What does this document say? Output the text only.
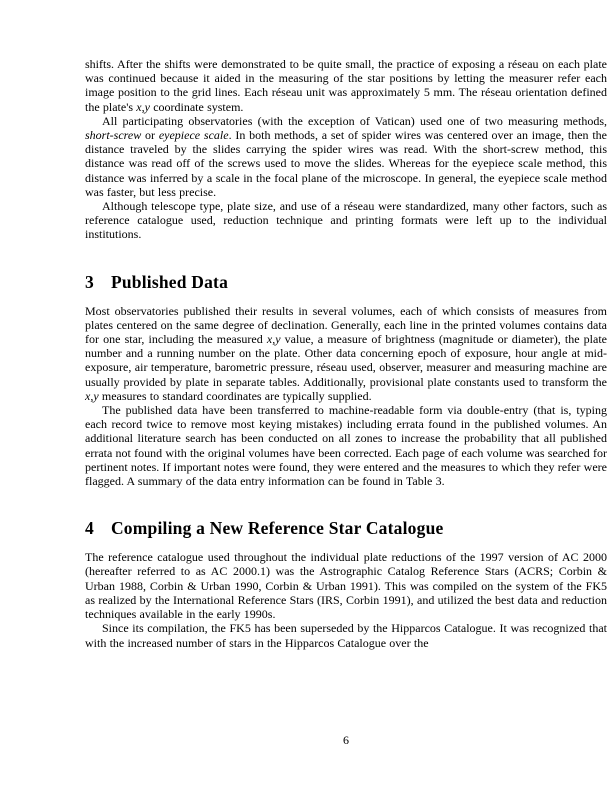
shifts. After the shifts were demonstrated to be quite small, the practice of exposing a réseau on each plate was continued because it aided in the measuring of the star positions by letting the measurer refer each image position to the grid lines. Each réseau unit was approximately 5 mm. The réseau orientation defined the plate's x,y coordinate system.

All participating observatories (with the exception of Vatican) used one of two measuring methods, short-screw or eyepiece scale. In both methods, a set of spider wires was centered over an image, then the distance traveled by the slides carrying the spider wires was read. With the short-screw method, this distance was read off of the screws used to move the slides. Whereas for the eyepiece scale method, this distance was inferred by a scale in the focal plane of the microscope. In general, the eyepiece scale method was faster, but less precise.

Although telescope type, plate size, and use of a réseau were standardized, many other factors, such as reference catalogue used, reduction technique and printing formats were left up to the individual institutions.

3 Published Data

Most observatories published their results in several volumes, each of which consists of measures from plates centered on the same degree of declination. Generally, each line in the printed volumes contains data for one star, including the measured x,y value, a measure of brightness (magnitude or diameter), the plate number and a running number on the plate. Other data concerning epoch of exposure, hour angle at mid-exposure, air temperature, barometric pressure, réseau used, observer, measurer and measuring machine are usually provided by plate in separate tables. Additionally, provisional plate constants used to transform the x,y measures to standard coordinates are typically supplied.

The published data have been transferred to machine-readable form via double-entry (that is, typing each record twice to remove most keying mistakes) including errata found in the published volumes. An additional literature search has been conducted on all zones to increase the probability that all published errata not found with the original volumes have been corrected. Each page of each volume was searched for pertinent notes. If important notes were found, they were entered and the measures to which they refer were flagged. A summary of the data entry information can be found in Table 3.

4 Compiling a New Reference Star Catalogue

The reference catalogue used throughout the individual plate reductions of the 1997 version of AC 2000 (hereafter referred to as AC 2000.1) was the Astrographic Catalog Reference Stars (ACRS; Corbin & Urban 1988, Corbin & Urban 1990, Corbin & Urban 1991). This was compiled on the system of the FK5 as realized by the International Reference Stars (IRS, Corbin 1991), and utilized the best data and reduction techniques available in the early 1990s.

Since its compilation, the FK5 has been superseded by the Hipparcos Catalogue. It was recognized that with the increased number of stars in the Hipparcos Catalogue over the

6
